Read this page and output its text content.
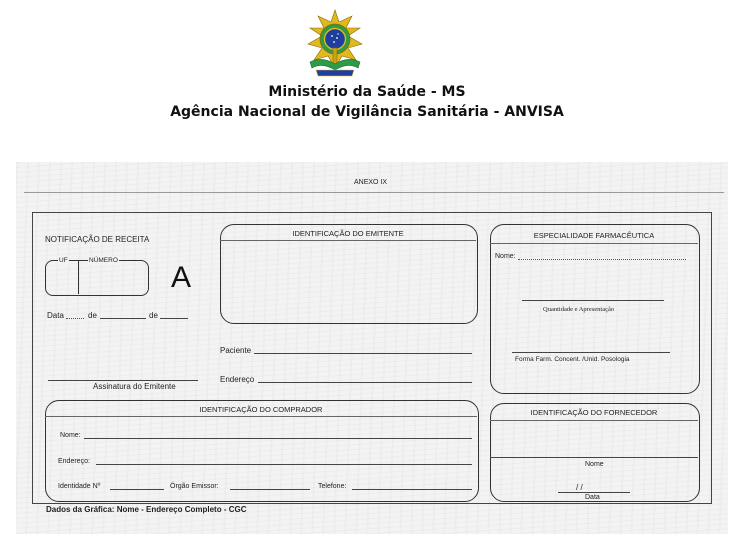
Ministério da Saúde - MS
Agência Nacional de Vigilância Sanitária - ANVISA
ANEXO IX
NOTIFICAÇÃO DE RECEITA
UF	NÚMERO
A
Data	de	de
Assinatura do Emitente
IDENTIFICAÇÃO DO EMITENTE
Paciente
Endereço
ESPECIALIDADE FARMACÊUTICA
Nome:
Quantidade e Apresentação
Forma Farm. Concent. /Unid. Posologia
IDENTIFICAÇÃO DO COMPRADOR
Nome:
Endereço:
Identidade Nº	Órgão Emissor:	Telefone:
IDENTIFICAÇÃO DO FORNECEDOR
Nome
/ /
Data
Dados da Gráfica: Nome - Endereço Completo - CGC
